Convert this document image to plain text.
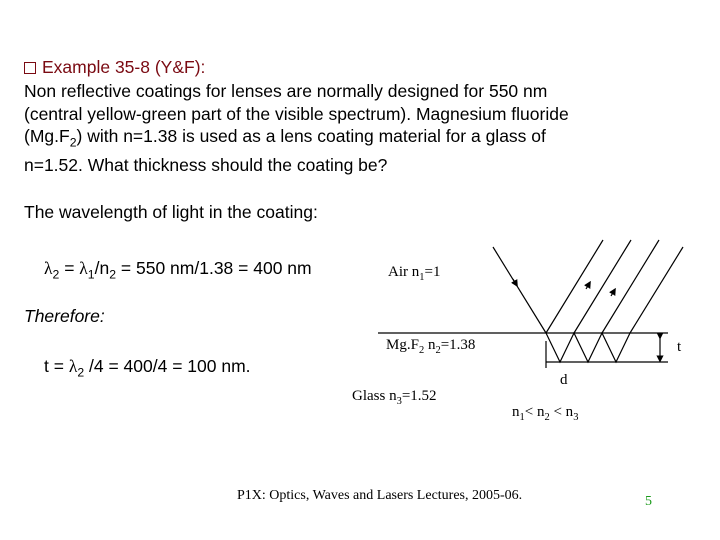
Example 35-8 (Y&F):
Non reflective coatings for lenses are normally designed for 550 nm
(central yellow-green part of the visible spectrum). Magnesium fluoride
$(Mg.F_2)$ with n=1.38 is used as a lens coating material for a glass of
n=1.52. What thickness should the coating be?
The wavelength of light in the coating:
$\lambda_2 = \lambda_1/n_2 = 550$ nm/1.38 = 400 nm
Therefore:
$t = \lambda_2$ /4 = 400/4 = 100 nm.
Air $n_1=1$
$Mg.F_2$ $n_2=1.38$
Glass $n_3=1.52$
t
d
$n_1< n_2 < n_3$
P1X: Optics, Waves and Lasers Lectures, 2005-06.	5
